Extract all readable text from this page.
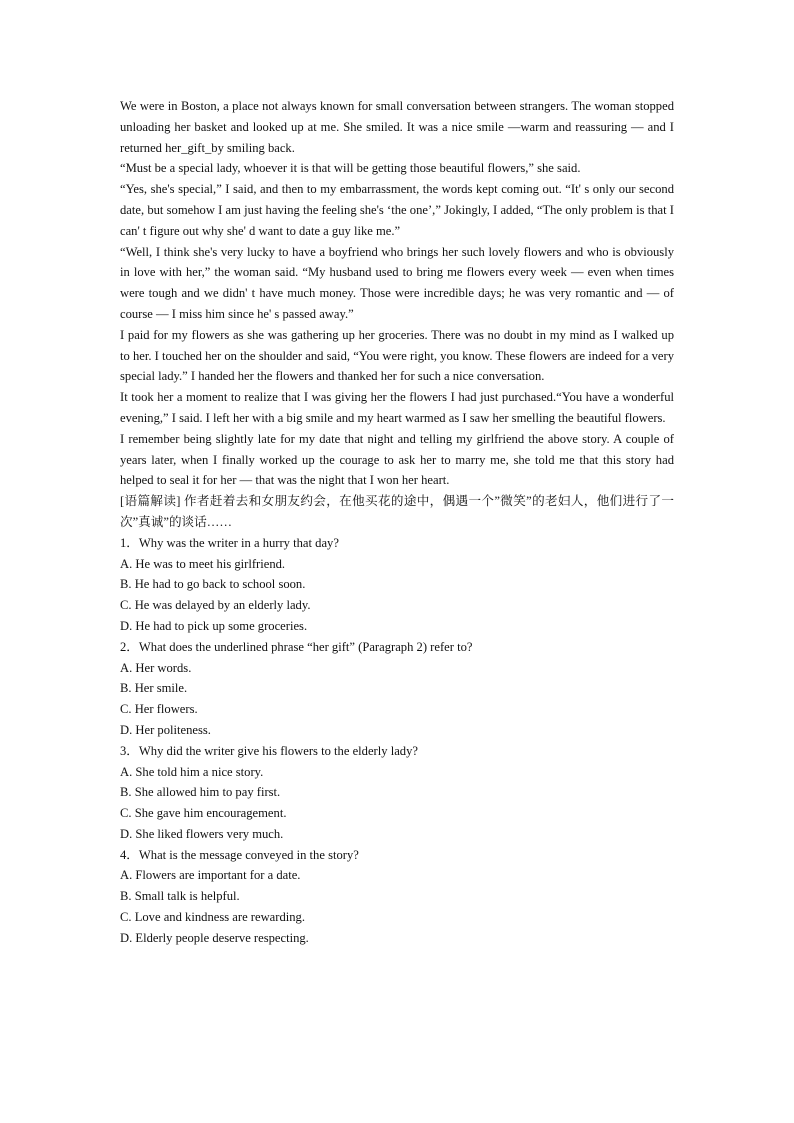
We were in Boston, a place not always known for small conversation between strangers. The woman stopped unloading her basket and looked up at me. She smiled. It was a nice smile —warm and reassuring — and I returned her_gift_by smiling back.

“Must be a special lady, whoever it is that will be getting those beautiful flowers,” she said.

“Yes, she's special,” I said, and then to my embarrassment, the words kept coming out. “It' s only our second date, but somehow I am just having the feeling she's ‘the one’,” Jokingly, I added, “The only problem is that I can' t figure out why she' d want to date a guy like me.”

“Well, I think she's very lucky to have a boyfriend who brings her such lovely flowers and who is obviously in love with her,” the woman said. “My husband used to bring me flowers every week — even when times were tough and we didn' t have much money. Those were incredible days; he was very romantic and — of course — I miss him since he' s passed away.”

I paid for my flowers as she was gathering up her groceries. There was no doubt in my mind as I walked up to her. I touched her on the shoulder and said, “You were right, you know. These flowers are indeed for a very special lady.” I handed her the flowers and thanked her for such a nice conversation.

It took her a moment to realize that I was giving her the flowers I had just purchased.“You have a wonderful evening,” I said. I left her with a big smile and my heart warmed as I saw her smelling the beautiful flowers.

I remember being slightly late for my date that night and telling my girlfriend the above story. A couple of years later, when I finally worked up the courage to ask her to marry me, she told me that this story had helped to seal it for her — that was the night that I won her heart.

[语篇解读] 作者赶着去和女朋友约会，在他买花的途中，偶遇一个”微笑”的老妇人，他们进行了一次”真诚”的谈话……

1．Why was the writer in a hurry that day?

A. He was to meet his girlfriend.

B. He had to go back to school soon.

C. He was delayed by an elderly lady.

D. He had to pick up some groceries.

2．What does the underlined phrase “her gift” (Paragraph 2) refer to?

A. Her words.

B. Her smile.

C. Her flowers.

D. Her politeness.

3．Why did the writer give his flowers to the elderly lady?

A. She told him a nice story.

B. She allowed him to pay first.

C. She gave him encouragement.

D. She liked flowers very much.

4．What is the message conveyed in the story?

A. Flowers are important for a date.

B. Small talk is helpful.

C. Love and kindness are rewarding.

D. Elderly people deserve respecting.
